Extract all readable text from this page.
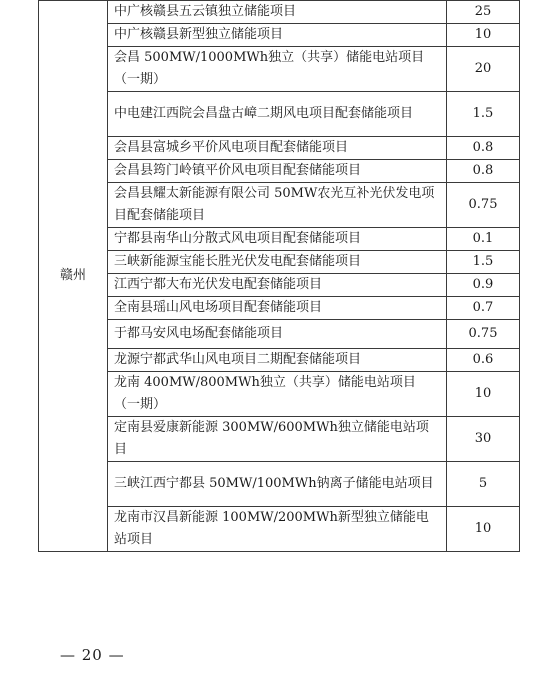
赣州	中广核赣县五云镇独立储能项目	25
	中广核赣县新型独立储能项目	10
	会昌 500MW/1000MWh独立（共享）储能电站项目（一期）	20
	中电建江西院会昌盘古嶂二期风电项目配套储能项目	1.5
	会昌县富城乡平价风电项目配套储能项目	0.8
	会昌县筠门岭镇平价风电项目配套储能项目	0.8
	会昌县耀太新能源有限公司 50MW农光互补光伏发电项目配套储能项目	0.75
	宁都县南华山分散式风电项目配套储能项目	0.1
	三峡新能源宝能长胜光伏发电配套储能项目	1.5
	江西宁都大布光伏发电配套储能项目	0.9
	全南县瑶山风电场项目配套储能项目	0.7
	于都马安风电场配套储能项目	0.75
	龙源宁都武华山风电项目二期配套储能项目	0.6
	龙南 400MW/800MWh独立（共享）储能电站项目（一期）	10
	定南县爱康新能源 300MW/600MWh独立储能电站项目	30
	三峡江西宁都县 50MW/100MWh钠离子储能电站项目	5
	龙南市汉昌新能源 100MW/200MWh新型独立储能电站项目	10
— 20 —
